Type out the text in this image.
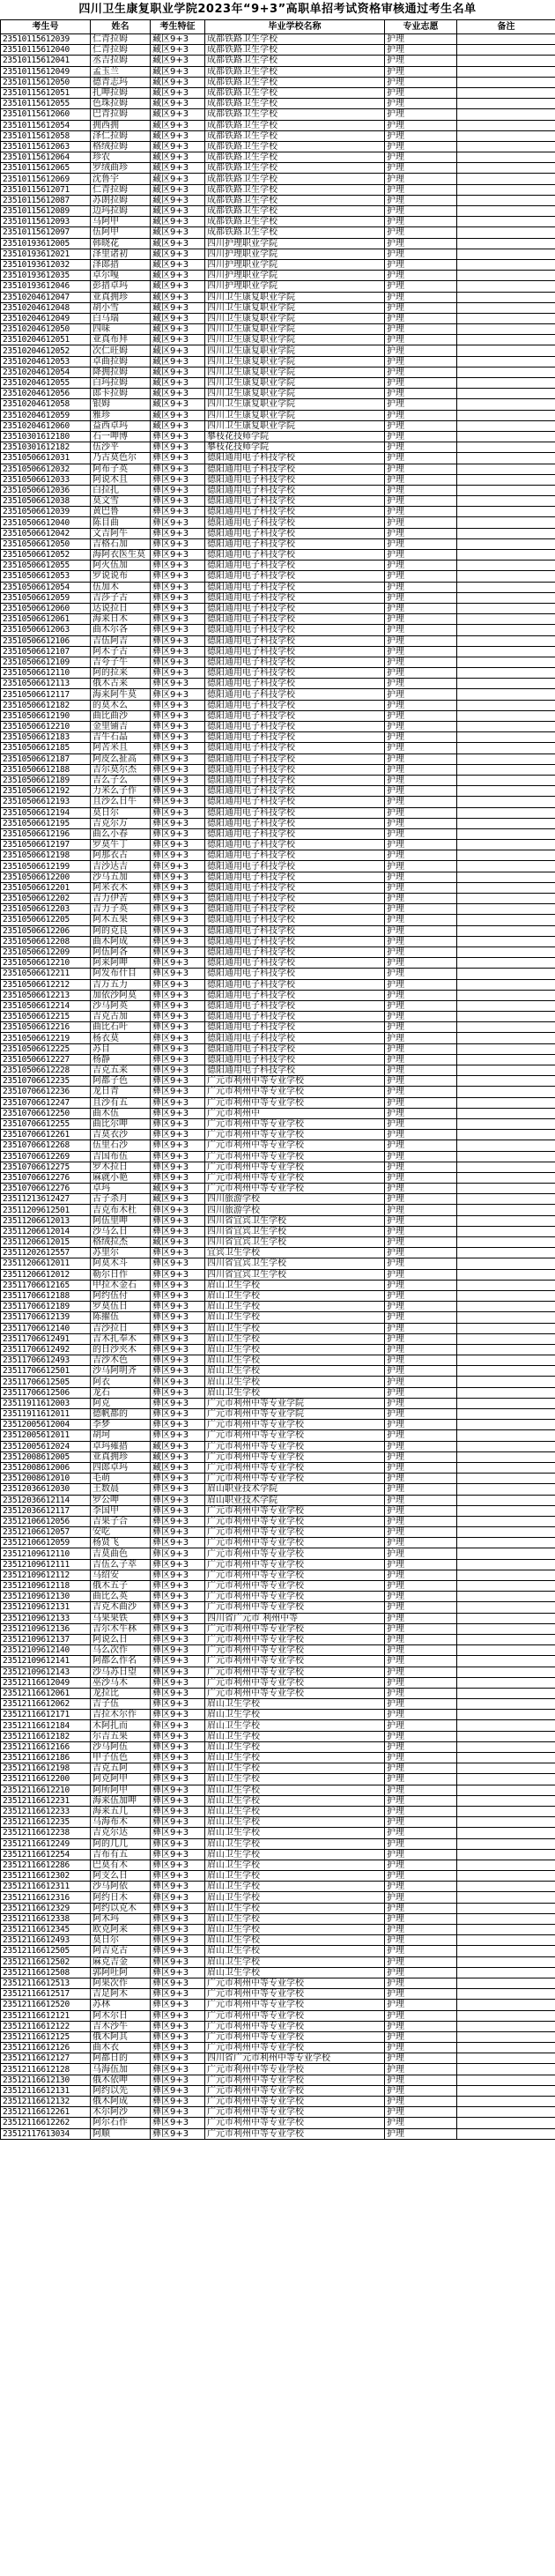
四川卫生康复职业学院2023年“9+3”高职单招考试资格审核通过考生名单
考生号	姓名	考生特征	毕业学校名称	专业志愿	备注
23510115612039	仁青拉姆	藏区9+3	成都铁路卫生学校	护理	
23510115612040	仁青拉姆	藏区9+3	成都铁路卫生学校	护理	
23510115612041	丞吉拉姆	藏区9+3	成都铁路卫生学校	护理	
23510115612049	孟玉兰	藏区9+3	成都铁路卫生学校	护理	
23510115612050	德青志玛	藏区9+3	成都铁路卫生学校	护理	
23510115612051	扎呷拉姆	藏区9+3	成都铁路卫生学校	护理	
23510115612055	色珠拉姆	藏区9+3	成都铁路卫生学校	护理	
23510115612060	巴青拉姆	藏区9+3	成都铁路卫生学校	护理	
23510115612054	拥西拥	藏区9+3	成都铁路卫生学校	护理	
23510115612058	泽仁拉姆	藏区9+3	成都铁路卫生学校	护理	
23510115612063	格绒拉姆	藏区9+3	成都铁路卫生学校	护理	
23510115612064	珍农	藏区9+3	成都铁路卫生学校	护理	
23510115612065	罗绒曲珍	藏区9+3	成都铁路卫生学校	护理	
23510115612069	沈鲁宇	藏区9+3	成都铁路卫生学校	护理	
23510115612071	仁青拉姆	藏区9+3	成都铁路卫生学校	护理	
23510115612087	苏朗拉姆	藏区9+3	成都铁路卫生学校	护理	
23510115612089	边玛拉姆	藏区9+3	成都铁路卫生学校	护理	
23510115612093	马阿甲	藏区9+3	成都铁路卫生学校	护理	
23510115612097	伍阿甲	藏区9+3	成都铁路卫生学校	护理	
23510193612005	韩晓花	藏区9+3	四川护理职业学院	护理	
23510193612021	泽里诸初	藏区9+3	四川护理职业学院	护理	
23510193612032	泽郎措	藏区9+3	四川护理职业学院	护理	
23510193612035	卓尔嘎	藏区9+3	四川护理职业学院	护理	
23510193612046	彭措卓玛	藏区9+3	四川护理职业学院	护理	
23510204612047	亚真拥珍	藏区9+3	四川卫生康复职业学院	护理	
23510204612048	胡小雪	藏区9+3	四川卫生康复职业学院	护理	
23510204612049	白马瑞	藏区9+3	四川卫生康复职业学院	护理	
23510204612050	四味	藏区9+3	四川卫生康复职业学院	护理	
23510204612051	亚真布拜	藏区9+3	四川卫生康复职业学院	护理	
23510204612052	次仁旺姆	藏区9+3	四川卫生康复职业学院	护理	
23510204612053	卓曲拉姆	藏区9+3	四川卫生康复职业学院	护理	
23510204612054	降拥拉姆	藏区9+3	四川卫生康复职业学院	护理	
23510204612055	白玛拉姆	藏区9+3	四川卫生康复职业学院	护理	
23510204612056	郎卡拉姆	藏区9+3	四川卫生康复职业学院	护理	
23510204612058	银姆	藏区9+3	四川卫生康复职业学院	护理	
23510204612059	雅珍	藏区9+3	四川卫生康复职业学院	护理	
23510204612060	益西卓玛	藏区9+3	四川卫生康复职业学院	护理	
23510301612180	石一呷博	彝区9+3	攀枝花技师学院	护理	
23510301612182	伍沙平	彝区9+3	攀枝花技师学院	护理	
23510506612031	乃古莫色尔	彝区9+3	德阳通用电子科技学校	护理	
23510506612032	阿布子英	彝区9+3	德阳通用电子科技学校	护理	
23510506612033	阿说木且	彝区9+3	德阳通用电子科技学校	护理	
23510506612036	白拉扎	彝区9+3	德阳通用电子科技学校	护理	
23510506612038	莫文雪	彝区9+3	德阳通用电子科技学校	护理	
23510506612039	黄巴鲁	彝区9+3	德阳通用电子科技学校	护理	
23510506612040	陈目曲	彝区9+3	德阳通用电子科技学校	护理	
23510506612042	文吉阿牛	彝区9+3	德阳通用电子科技学校	护理	
23510506612050	吉格石加	彝区9+3	德阳通用电子科技学校	护理	
23510506612052	海阿衣医生莫	彝区9+3	德阳通用电子科技学校	护理	
23510506612055	阿火伍加	彝区9+3	德阳通用电子科技学校	护理	
23510506612053	罗说说布	彝区9+3	德阳通用电子科技学校	护理	
23510506612054	伍加木	彝区9+3	德阳通用电子科技学校	护理	
23510506612059	吉莎子古	彝区9+3	德阳通用电子科技学校	护理	
23510506612060	达说拉日	彝区9+3	德阳通用电子科技学校	护理	
23510506612061	海来日木	彝区9+3	德阳通用电子科技学校	护理	
23510506612063	曲木尔各	彝区9+3	德阳通用电子科技学校	护理	
23510506612106	吉伍阿吉	彝区9+3	德阳通用电子科技学校	护理	
23510506612107	阿木子古	彝区9+3	德阳通用电子科技学校	护理	
23510506612109	吉夸子牛	彝区9+3	德阳通用电子科技学校	护理	
23510506612110	阿的拉来	彝区9+3	德阳通用电子科技学校	护理	
23510506612113	俄木古来	彝区9+3	德阳通用电子科技学校	护理	
23510506612117	海来阿牛莫	彝区9+3	德阳通用电子科技学校	护理	
23510506612182	的莫木么	彝区9+3	德阳通用电子科技学校	护理	
23510506612190	曲比曲沙	彝区9+3	德阳通用电子科技学校	护理	
23510506612210	金里铺吉	彝区9+3	德阳通用电子科技学校	护理	
23510506612183	吉牛石晶	彝区9+3	德阳通用电子科技学校	护理	
23510506612185	阿苦米且	彝区9+3	德阳通用电子科技学校	护理	
23510506612187	阿皮么扯高	彝区9+3	德阳通用电子科技学校	护理	
23510506612188	吉尔莫尔杰	彝区9+3	德阳通用电子科技学校	护理	
23510506612189	吉么子么	彝区9+3	德阳通用电子科技学校	护理	
23510506612192	力米么子作	彝区9+3	德阳通用电子科技学校	护理	
23510506612193	且沙么日牛	彝区9+3	德阳通用电子科技学校	护理	
23510506612194	莫日尔	彝区9+3	德阳通用电子科技学校	护理	
23510506612195	吉克尔万	彝区9+3	德阳通用电子科技学校	护理	
23510506612196	曲么小春	彝区9+3	德阳通用电子科技学校	护理	
23510506612197	罗莫牛丁	彝区9+3	德阳通用电子科技学校	护理	
23510506612198	阿那衣古	彝区9+3	德阳通用电子科技学校	护理	
23510506612199	吉沙达吉	彝区9+3	德阳通用电子科技学校	护理	
23510506612200	沙马五加	彝区9+3	德阳通用电子科技学校	护理	
23510506612201	阿米衣木	彝区9+3	德阳通用电子科技学校	护理	
23510506612202	吉力伊苦	彝区9+3	德阳通用电子科技学校	护理	
23510506612203	吉力子英	彝区9+3	德阳通用电子科技学校	护理	
23510506612205	阿木五果	彝区9+3	德阳通用电子科技学校	护理	
23510506612206	阿的克良	彝区9+3	德阳通用电子科技学校	护理	
23510506612208	曲木阿成	彝区9+3	德阳通用电子科技学校	护理	
23510506612209	阿伍阿各	彝区9+3	德阳通用电子科技学校	护理	
23510506612210	阿来阿呷	彝区9+3	德阳通用电子科技学校	护理	
23510506612211	阿发布什目	彝区9+3	德阳通用电子科技学校	护理	
23510506612212	吉万五力	彝区9+3	德阳通用电子科技学校	护理	
23510506612213	加依沙阿莫	彝区9+3	德阳通用电子科技学校	护理	
23510506612214	沙马阿英	彝区9+3	德阳通用电子科技学校	护理	
23510506612215	吉克古加	彝区9+3	德阳通用电子科技学校	护理	
23510506612216	曲比石叶	彝区9+3	德阳通用电子科技学校	护理	
23510506612219	杨衣莫	彝区9+3	德阳通用电子科技学校	护理	
23510506612225	苏目	彝区9+3	德阳通用电子科技学校	护理	
23510506612227	杨静	彝区9+3	德阳通用电子科技学校	护理	
23510506612228	吉克五来	彝区9+3	德阳通用电子科技学校	护理	
23510706612235	阿都子色	彝区9+3	广元市利州中等专业学校	护理	
23510706612236	龙日青	彝区9+3	广元市利州中等专业学校	护理	
23510706612247	且沙有五	彝区9+3	广元市利州中等专业学校	护理	
23510706612250	曲木伍	彝区9+3	广元市利州中	护理	
23510706612255	曲比尔呷	彝区9+3	广元市利州中等专业学校	护理	
23510706612261	吉莫衣沙	彝区9+3	广元市利州中等专业学校	护理	
23510706612268	伍里石沙	彝区9+3	广元市利州中等专业学校	护理	
23510706612269	吉国布伍	彝区9+3	广元市利州中等专业学校	护理	
23510706612275	罗木拉日	彝区9+3	广元市利州中等专业学校	护理	
23510706612276	麻就小艳	彝区9+3	广元市利州中等专业学校	护理	
23510706612276	卓玛	藏区9+3	广元市利州中等专业学校	护理	
23511213612427	古子杀月	藏区9+3	四川旅游学校	护理	
23511209612501	吉克布木杜	彝区9+3	四川旅游学校	护理	
23511206612013	阿伍里呷	彝区9+3	四川省宜宾卫生学校	护理	
23511206612014	沙马么日	彝区9+3	四川省宜宾卫生学校	护理	
23511206612015	格绒拉杰	藏区9+3	四川省宜宾卫生学校	护理	
23511202612557	苏里尔	彝区9+3	宜宾卫生学校	护理	
23511206612011	阿莫木斗	彝区9+3	四川省宜宾卫生学校	护理	
23511206612012	勒尔日作	彝区9+3	四川省宜宾卫生学校	护理	
23511706612165	甲拉木金石	彝区9+3	眉山卫生学校	护理	
23511706612188	阿约伍付	彝区9+3	眉山卫生学校	护理	
23511706612189	罗莫伍日	彝区9+3	眉山卫生学校	护理	
23511706612139	陈擢伍	彝区9+3	眉山卫生学校	护理	
23511706612140	吉沙拉日	彝区9+3	眉山卫生学校	护理	
23511706612491	吉木扎奉木	彝区9+3	眉山卫生学校	护理	
23511706612492	的日沙夹木	彝区9+3	眉山卫生学校	护理	
23511706612493	吉沙木色	彝区9+3	眉山卫生学校	护理	
23511706612501	沙马阿明齐	彝区9+3	眉山卫生学校	护理	
23511706612505	阿衣	彝区9+3	眉山卫生学校	护理	
23511706612506	龙石	彝区9+3	眉山卫生学校	护理	
23511911612003	阿克	彝区9+3	广元市利州中等专业学院	护理	
23511911612011	德帆都的	彝区9+3	广元市利州中等专业学院	护理	
23512005612004	李梦	彝区9+3	广元市利州中等专业学校	护理	
23512005612011	胡坷	彝区9+3	广元市利州中等专业学校	护理	
23512005612024	卓玛雍措	藏区9+3	广元市利州中等专业学校	护理	
23512008612005	亚真拥珍	藏区9+3	广元市利州中等专业学校	护理	
23512008612006	四郎卓玛	藏区9+3	广元市利州中等专业学校	护理	
23512008612010	毛萌	彝区9+3	广元市利州中等专业学校	护理	
23512036612030	王数晨	彝区9+3	眉山职业技术学院	护理	
23512036612114	罗公呷	彝区9+3	眉山职业技术学院	护理	
23512036612117	李国甲	彝区9+3	广元市利州中等专业学校	护理	
23512106612056	吉果子合	彝区9+3	广元市利州中等专业学校	护理	
23512106612057	安吃	彝区9+3	广元市利州中等专业学校	护理	
23512106612059	杨贤飞	彝区9+3	广元市利州中等专业学校	护理	
23512109612110	吉莫曲色	彝区9+3	广元市利州中等专业学校	护理	
23512109612111	吉伍么子萃	彝区9+3	广元市利州中等专业学校	护理	
23512109612112	马绍安	彝区9+3	广元市利州中等专业学校	护理	
23512109612118	俄木五子	彝区9+3	广元市利州中等专业学校	护理	
23512109612130	曲比么英	彝区9+3	广元市利州中等专业学校	护理	
23512109612131	吉克木曲沙	彝区9+3	广元市利州中等专业学校	护理	
23512109612133	马果果铁	彝区9+3	四川省广元市 利州中等	护理	
23512109612136	吉尔木牛林	彝区9+3	广元市利州中等专业学校	护理	
23512109612137	阿说么日	彝区9+3	广元市利州中等专业学校	护理	
23512109612140	马么次作	彝区9+3	广元市利州中等专业学校	护理	
23512109612141	阿都么作名	彝区9+3	广元市利州中等专业学校	护理	
23512109612143	沙马苏日望	彝区9+3	广元市利州中等专业学校	护理	
23512116612049	巫沙马木	彝区9+3	广元市利州中等专业学校	护理	
23512116612061	龙拉比	彝区9+3	广元市利州中等专业学校	护理	
23512116612062	吉子伍	彝区9+3	眉山卫生学校	护理	
23512116612171	吉拉木尔作	彝区9+3	眉山卫生学校	护理	
23512116612184	木阿扎而	彝区9+3	眉山卫生学校	护理	
23512116612182	尔吉五果	彝区9+3	眉山卫生学校	护理	
23512116612166	沙马阿伍	彝区9+3	眉山卫生学校	护理	
23512116612186	甲子伍色	彝区9+3	眉山卫生学校	护理	
23512116612198	吉克五阿	彝区9+3	眉山卫生学校	护理	
23512116612200	阿克阿甲	彝区9+3	眉山卫生学校	护理	
23512116612210	阿所阿甲	彝区9+3	眉山卫生学校	护理	
23512116612231	海来伍加呷	彝区9+3	眉山卫生学校	护理	
23512116612233	海来五几	彝区9+3	眉山卫生学校	护理	
23512116612235	马海布木	彝区9+3	眉山卫生学校	护理	
23512116612238	吉克尔达	彝区9+3	眉山卫生学校	护理	
23512116612249	阿的几几	彝区9+3	眉山卫生学校	护理	
23512116612254	吉布有五	彝区9+3	眉山卫生学校	护理	
23512116612286	巴莫有木	彝区9+3	眉山卫生学校	护理	
23512116612302	阿支么日	彝区9+3	眉山卫生学校	护理	
23512116612311	沙马阿依	彝区9+3	眉山卫生学校	护理	
23512116612316	阿约日木	彝区9+3	眉山卫生学校	护理	
23512116612329	阿约以克木	彝区9+3	眉山卫生学校	护理	
23512116612338	阿木玛	彝区9+3	眉山卫生学校	护理	
23512116612345	欧克阿来	彝区9+3	眉山卫生学校	护理	
23512116612493	莫日尔	彝区9+3	眉山卫生学校	护理	
23512116612505	阿吉克古	彝区9+3	眉山卫生学校	护理	
23512116612502	麻克吉金	彝区9+3	眉山卫生学校	护理	
23512116612508	郭阿吐阿	彝区9+3	眉山卫生学校	护理	
23512116612513	阿果次作	彝区9+3	广元市利州中等专业学校	护理	
23512116612517	吉足阿木	彝区9+3	广元市利州中等专业学校	护理	
23512116612520	苏林	彝区9+3	广元市利州中等专业学校	护理	
23512116612121	阿木尔日	彝区9+3	广元市利州中等专业学校	护理	
23512116612122	吉木沙牛	彝区9+3	广元市利州中等专业学校	护理	
23512116612125	俄木阿其	彝区9+3	广元市利州中等专业学校	护理	
23512116612126	曲木衣	彝区9+3	广元市利州中等专业学校	护理	
23512116612127	阿都日的	彝区9+3	四川省广元市利州中等专业学校	护理	
23512116612128	马海伍加	彝区9+3	广元市利州中等专业学校	护理	
23512116612130	俄木依呷	彝区9+3	广元市利州中等专业学校	护理	
23512116612131	阿约以先	彝区9+3	广元市利州中等专业学校	护理	
23512116612132	俄木阿成	彝区9+3	广元市利州中等专业学校	护理	
23512116612261	木尔阿沙	彝区9+3	广元市利州中等专业学校	护理	
23512116612262	阿尔石作	彝区9+3	广元市利州中等专业学校	护理	
23512117613034	阿顺	彝区9+3	广元市利州中等专业学校	护理	
